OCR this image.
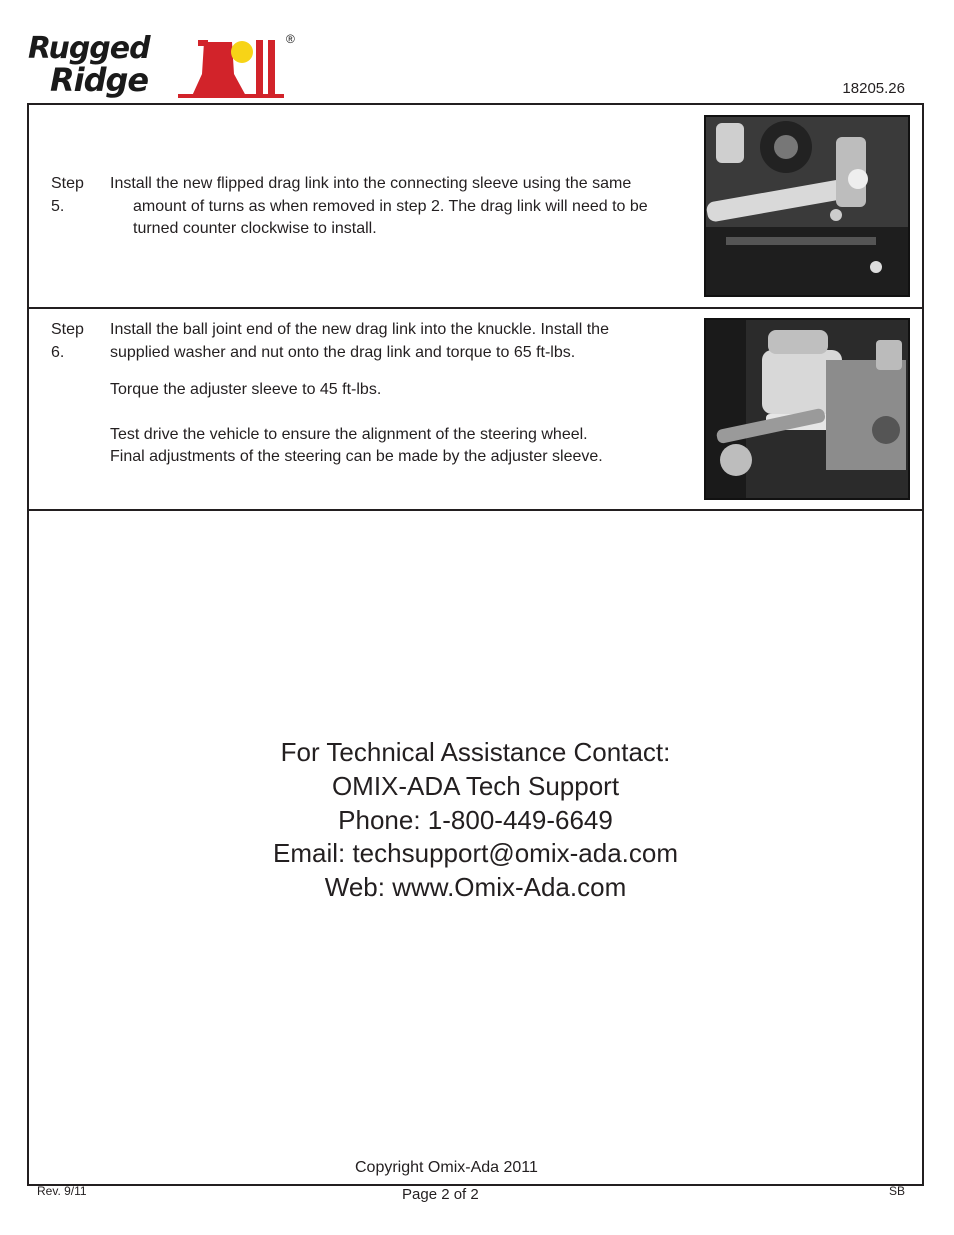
Rugged
Ridge
®
18205.26
Step 5.
Install the new flipped drag link into the connecting sleeve using the same
amount of turns as when removed in step 2. The drag link will need to be
turned counter clockwise to install.
Step 6.
Install the ball joint end of the new drag link into the knuckle. Install the
supplied washer and nut onto the drag link and torque to 65 ft-lbs.
Torque the adjuster sleeve to 45 ft-lbs.
Test drive the vehicle to ensure the alignment of the steering wheel.
Final adjustments of the steering can be made by the adjuster sleeve.
For Technical Assistance Contact:
OMIX-ADA Tech Support
Phone: 1-800-449-6649
Email: techsupport@omix-ada.com
Web: www.Omix-Ada.com
Copyright Omix-Ada 2011
Rev. 9/11	Page 2 of 2	SB
